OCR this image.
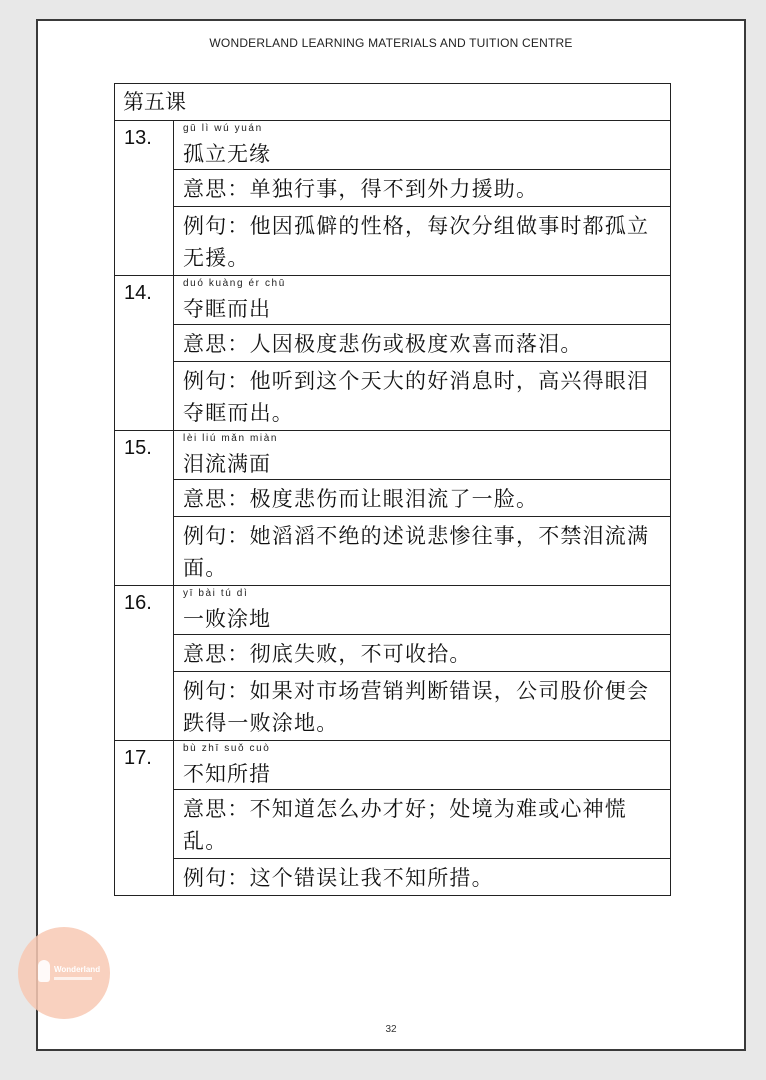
WONDERLAND LEARNING MATERIALS AND TUITION CENTRE
第五课	
13.	gū lì wú yuán
孤立无缘

	意思：单独行事，得不到外力援助。
	例句：他因孤僻的性格，每次分组做事时都孤立无援。
14.	duó kuàng ér chū
夺眶而出

	意思：人因极度悲伤或极度欢喜而落泪。
	例句：他听到这个天大的好消息时，高兴得眼泪夺眶而出。
15.	lèi liú mǎn miàn
泪流满面

	意思：极度悲伤而让眼泪流了一脸。
	例句：她滔滔不绝的述说悲惨往事，不禁泪流满面。
16.	yī bài tú dì
一败涂地

	意思：彻底失败，不可收拾。
	例句：如果对市场营销判断错误，公司股价便会跌得一败涂地。
17.	bù zhī suǒ cuò
不知所措

	意思：不知道怎么办才好；处境为难或心神慌乱。
	例句：这个错误让我不知所措。
32
Wonderland
